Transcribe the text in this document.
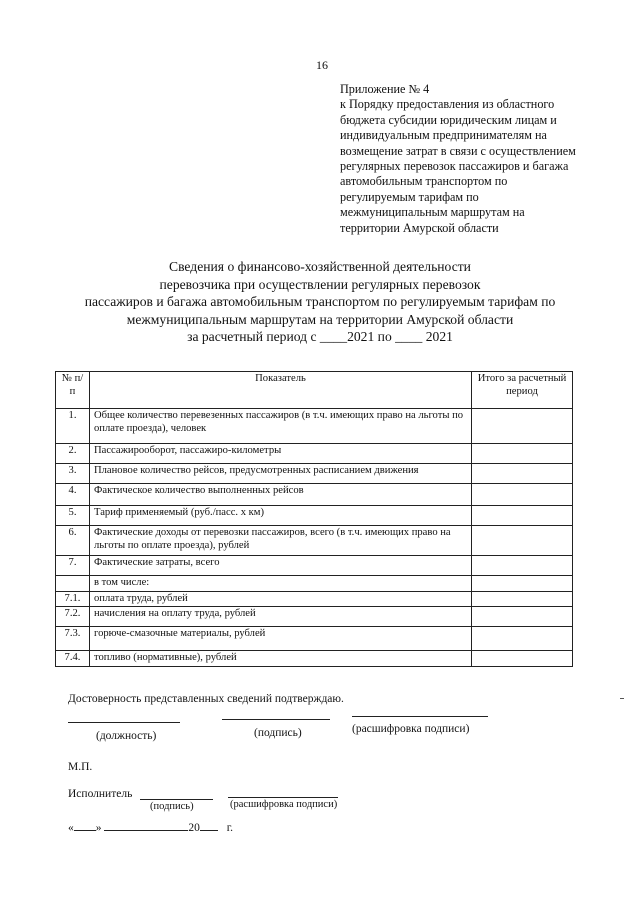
16
Приложение № 4
к Порядку предоставления из областного
бюджета субсидии юридическим лицам и
индивидуальным предпринимателям на
возмещение затрат в связи с осуществлением
регулярных перевозок пассажиров и багажа
автомобильным транспортом по
регулируемым тарифам по
межмуниципальным маршрутам на
территории Амурской области
Сведения о финансово-хозяйственной деятельности
перевозчика при осуществлении регулярных перевозок
пассажиров и багажа автомобильным транспортом по регулируемым тарифам по
межмуниципальным маршрутам на территории Амурской области
за расчетный период с ____2021 по ____ 2021
№ п/п	Показатель	Итого за расчетный период
1.	Общее количество перевезенных пассажиров (в т.ч. имеющих право на льготы по оплате проезда), человек	
2.	Пассажирооборот, пассажиро-километры	
3.	Плановое количество рейсов, предусмотренных расписанием движения	
4.	Фактическое количество выполненных рейсов	
5.	Тариф применяемый (руб./пасс. х км)	
6.	Фактические доходы от перевозки пассажиров, всего (в т.ч. имеющих право на льготы по оплате проезда), рублей	
7.	Фактические затраты, всего	
	в том числе:	
7.1.	оплата труда, рублей	
7.2.	начисления на оплату труда, рублей	
7.3.	горюче-смазочные материалы, рублей	
7.4.	топливо (нормативные), рублей	
Достоверность представленных сведений подтверждаю.
(должность)	(подпись)	(расшифровка подписи)
М.П.
Исполнитель
(подпись)	(расшифровка подписи)
« »	20 г.
